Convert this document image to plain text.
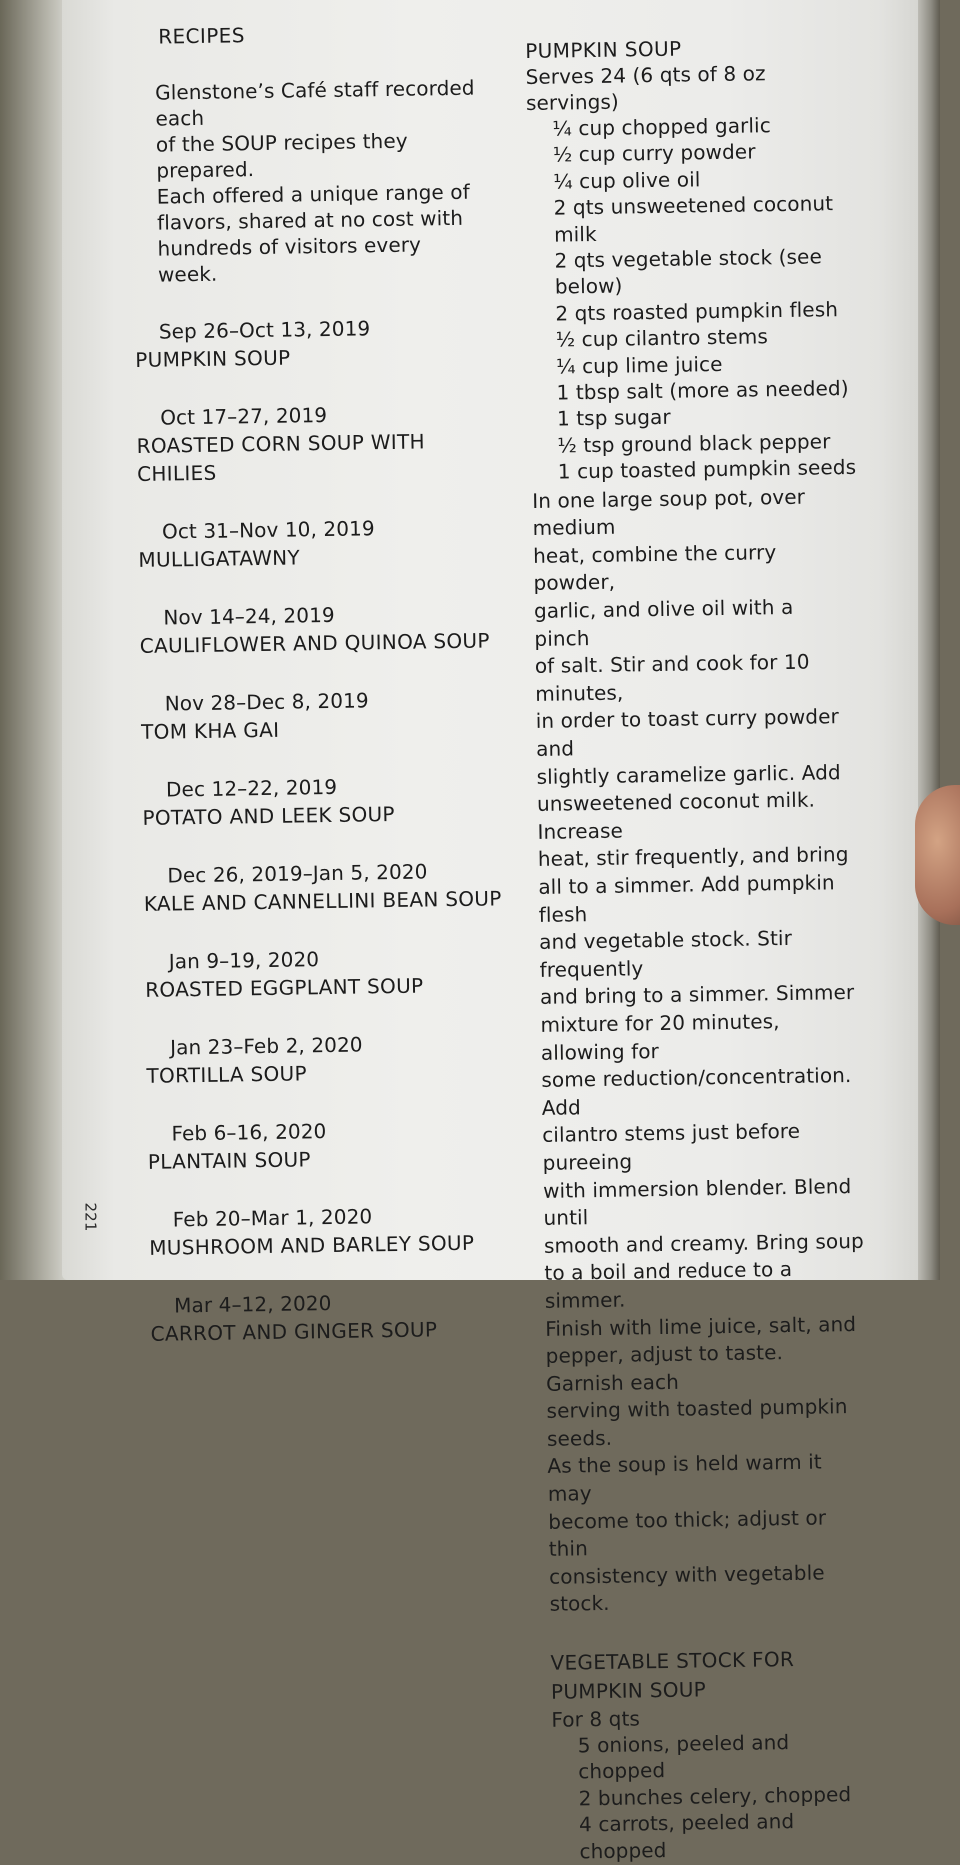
RECIPES
Glenstone’s Café staff recorded each
of the SOUP recipes they prepared.
Each offered a unique range of
flavors, shared at no cost with
hundreds of visitors every week.
Sep 26–Oct 13, 2019
PUMPKIN SOUP
Oct 17–27, 2019
ROASTED CORN SOUP WITH CHILIES
Oct 31–Nov 10, 2019
MULLIGATAWNY
Nov 14–24, 2019
CAULIFLOWER AND QUINOA SOUP
Nov 28–Dec 8, 2019
TOM KHA GAI
Dec 12–22, 2019
POTATO AND LEEK SOUP
Dec 26, 2019–Jan 5, 2020
KALE AND CANNELLINI BEAN SOUP
Jan 9–19, 2020
ROASTED EGGPLANT SOUP
Jan 23–Feb 2, 2020
TORTILLA SOUP
Feb 6–16, 2020
PLANTAIN SOUP
Feb 20–Mar 1, 2020
MUSHROOM AND BARLEY SOUP
Mar 4–12, 2020
CARROT AND GINGER SOUP
PUMPKIN SOUP
Serves 24 (6 qts of 8 oz servings)
¼ cup chopped garlic
½ cup curry powder
¼ cup olive oil
2 qts unsweetened coconut milk
2 qts vegetable stock (see below)
2 qts roasted pumpkin flesh
½ cup cilantro stems
¼ cup lime juice
1 tbsp salt (more as needed)
1 tsp sugar
½ tsp ground black pepper
1 cup toasted pumpkin seeds
In one large soup pot, over medium
heat, combine the curry powder,
garlic, and olive oil with a pinch
of salt. Stir and cook for 10 minutes,
in order to toast curry powder and
slightly caramelize garlic. Add
unsweetened coconut milk. Increase
heat, stir frequently, and bring
all to a simmer. Add pumpkin flesh
and vegetable stock. Stir frequently
and bring to a simmer. Simmer
mixture for 20 minutes, allowing for
some reduction/concentration. Add
cilantro stems just before pureeing
with immersion blender. Blend until
smooth and creamy. Bring soup
to a boil and reduce to a simmer.
Finish with lime juice, salt, and
pepper, adjust to taste. Garnish each
serving with toasted pumpkin seeds.
As the soup is held warm it may
become too thick; adjust or thin
consistency with vegetable stock.
VEGETABLE STOCK FOR
PUMPKIN SOUP
For 8 qts
5 onions, peeled and chopped
2 bunches celery, chopped
4 carrots, peeled and chopped
221
